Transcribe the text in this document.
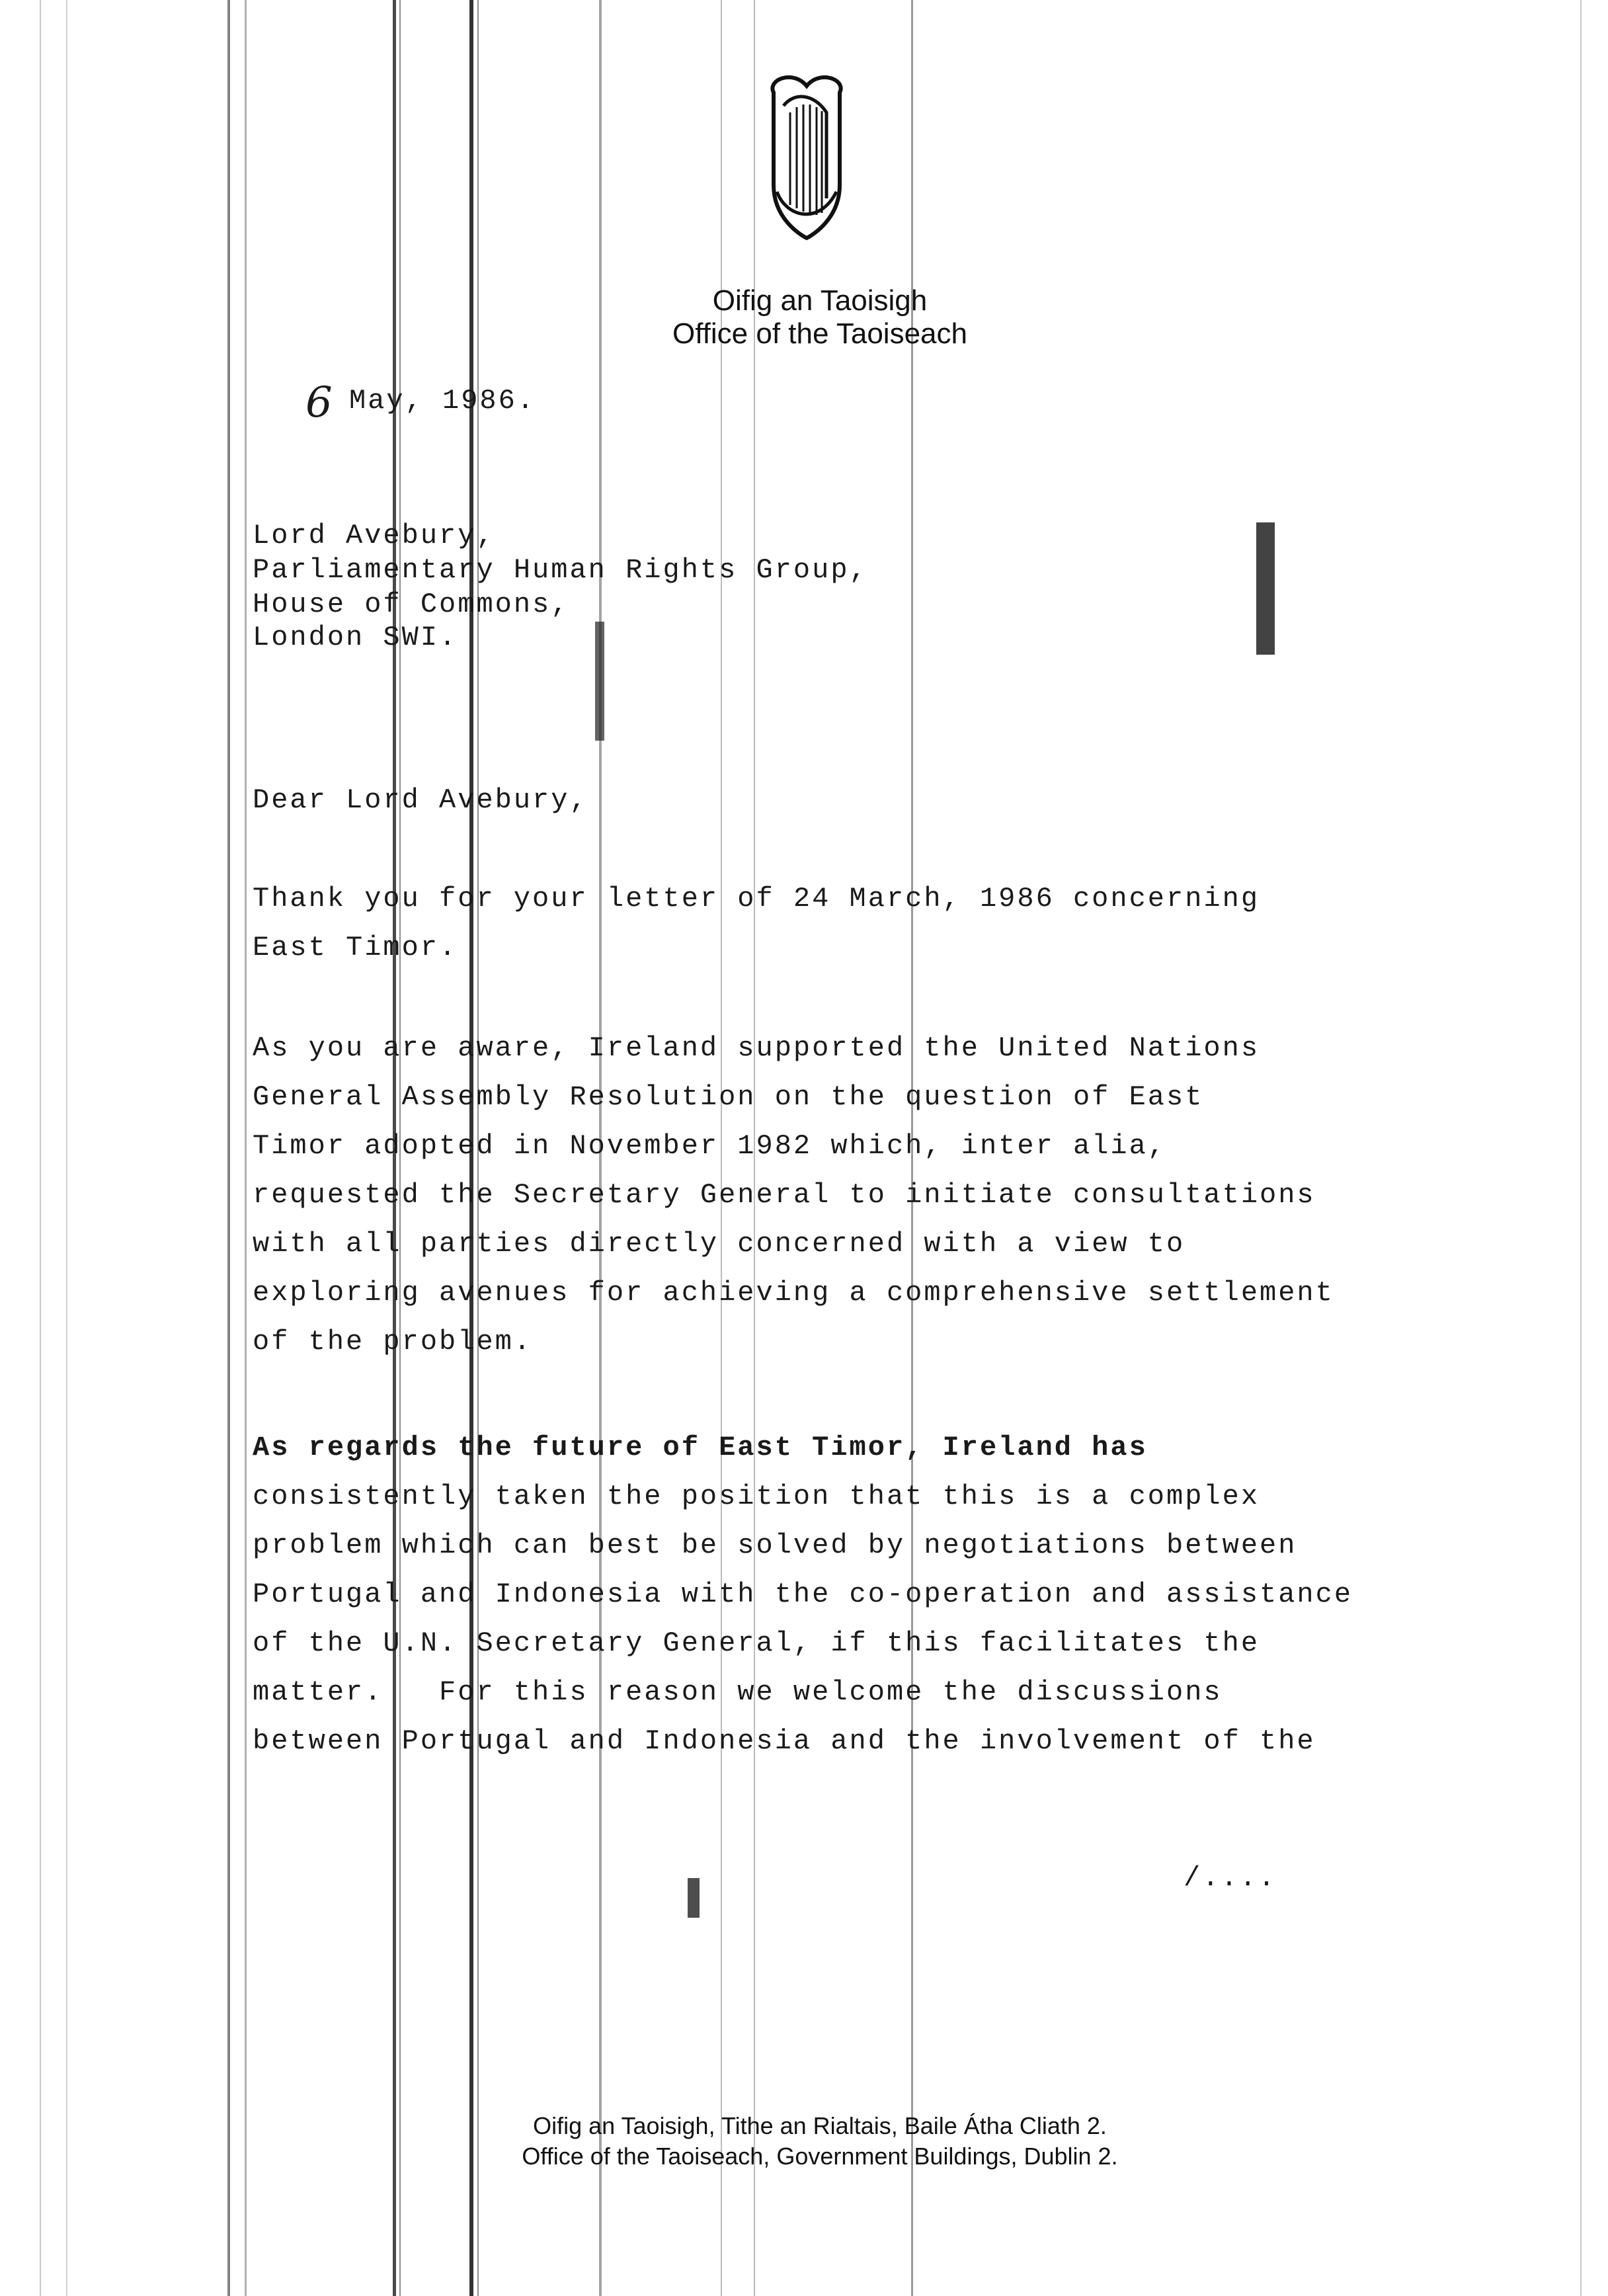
Oifig an Taoisigh
Office of the Taoiseach
6 May, 1986.
Lord Avebury,
Parliamentary Human Rights Group,
House of Commons,
London SWI.
Dear Lord Avebury,
Thank you for your letter of 24 March, 1986 concerning
East Timor.
As you are aware, Ireland supported the United Nations
General Assembly Resolution on the question of East
Timor adopted in November 1982 which, inter alia,
requested the Secretary General to initiate consultations
with all parties directly concerned with a view to
exploring avenues for achieving a comprehensive settlement
of the problem.
As regards the future of East Timor, Ireland has
consistently taken the position that this is a complex
problem which can best be solved by negotiations between
Portugal and Indonesia with the co-operation and assistance
of the U.N. Secretary General, if this facilitates the
matter.   For this reason we welcome the discussions
between Portugal and Indonesia and the involvement of the
/....
Oifig an Taoisigh, Tithe an Rialtais, Baile Átha Cliath 2.
Office of the Taoiseach, Government Buildings, Dublin 2.
